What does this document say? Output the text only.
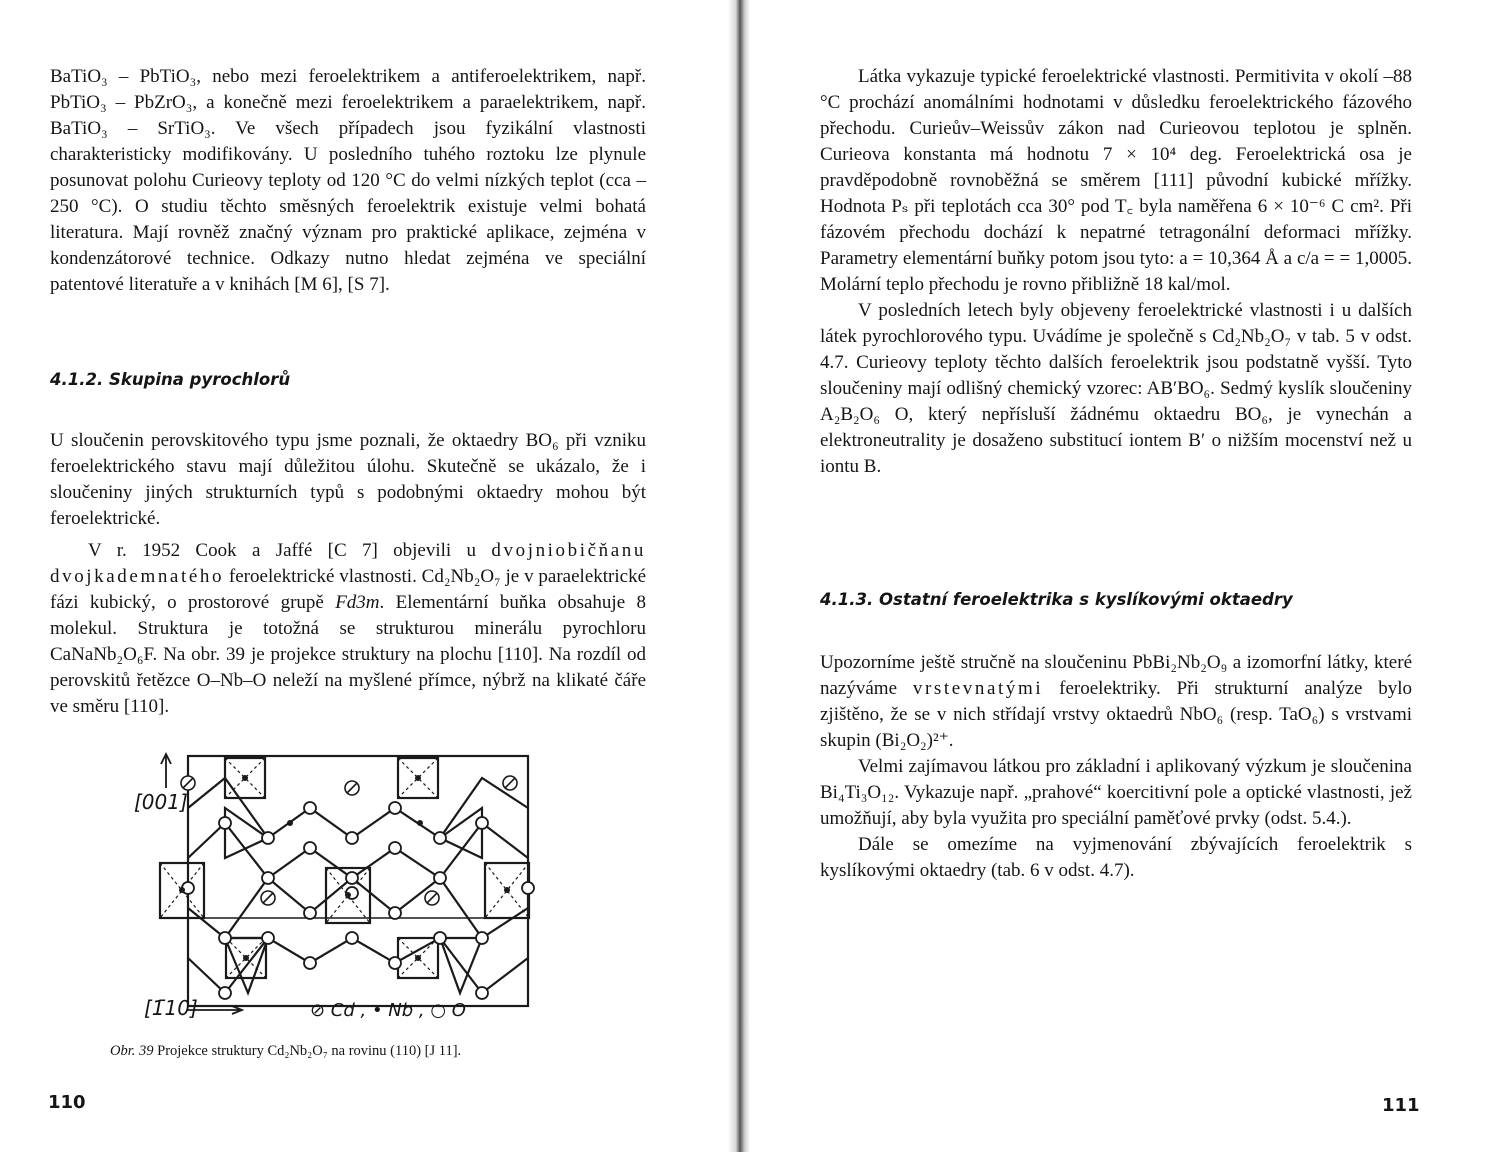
BaTiO₃ – PbTiO₃, nebo mezi feroelektrikem a antiferoelektrikem, např. PbTiO₃ – PbZrO₃, a konečně mezi feroelektrikem a paraelektrikem, např. BaTiO₃ – SrTiO₃. Ve všech případech jsou fyzikální vlastnosti charakteristicky modifikovány. U posledního tuhého roztoku lze plynule posunovat polohu Curieovy teploty od 120 °C do velmi nízkých teplot (cca –250 °C). O studiu těchto směsných feroelektrik existuje velmi bohatá literatura. Mají rovněž značný význam pro praktické aplikace, zejména v kondenzátorové technice. Odkazy nutno hledat zejména ve speciální patentové literatuře a v knihách [M 6], [S 7].

4.1.2. Skupina pyrochlorů

U sloučenin perovskitového typu jsme poznali, že oktaedry BO₆ při vzniku feroelektrického stavu mají důležitou úlohu. Skutečně se ukázalo, že i sloučeniny jiných strukturních typů s podobnými oktaedry mohou být feroelektrické.

V r. 1952 Cook a Jaffé [C 7] objevili u dvojniobičňanu dvojkademnatého feroelektrické vlastnosti. Cd₂Nb₂O₇ je v paraelektrické fázi kubický, o prostorové grupě Fd3m. Elementární buňka obsahuje 8 molekul. Struktura je totožná se strukturou minerálu pyrochloru CaNaNb₂O₆F. Na obr. 39 je projekce struktury na plochu [110]. Na rozdíl od perovskitů řetězce O–Nb–O neleží na myšlené přímce, nýbrž na klikaté čáře ve směru [110].

[001]
[1̄10]	⊘ Cd , • Nb , ○ O
Obr. 39 Projekce struktury Cd₂Nb₂O₇ na rovinu (110) [J 11].
110

Látka vykazuje typické feroelektrické vlastnosti. Permitivita v okolí –88 °C prochází anomálními hodnotami v důsledku feroelektrického fázového přechodu. Curieův–Weissův zákon nad Curieovou teplotou je splněn. Curieova konstanta má hodnotu 7 × 10⁴ deg. Feroelektrická osa je pravděpodobně rovnoběžná se směrem [111] původní kubické mřížky. Hodnota Pₛ při teplotách cca 30° pod T꜀ byla naměřena 6 × 10⁻⁶ C cm². Při fázovém přechodu dochází k nepatrné tetragonální deformaci mřížky. Parametry elementární buňky potom jsou tyto: a = 10,364 Å a c/a = = 1,0005. Molární teplo přechodu je rovno přibližně 18 kal/mol.

V posledních letech byly objeveny feroelektrické vlastnosti i u dalších látek pyrochlorového typu. Uvádíme je společně s Cd₂Nb₂O₇ v tab. 5 v odst. 4.7. Curieovy teploty těchto dalších feroelektrik jsou podstatně vyšší. Tyto sloučeniny mají odlišný chemický vzorec: AB′BO₆. Sedmý kyslík sloučeniny A₂B₂O₆ O, který nepřísluší žádnému oktaedru BO₆, je vynechán a elektroneutrality je dosaženo substitucí iontem B′ o nižším mocenství než u iontu B.

4.1.3. Ostatní feroelektrika s kyslíkovými oktaedry

Upozorníme ještě stručně na sloučeninu PbBi₂Nb₂O₉ a izomorfní látky, které nazýváme vrstevnatými feroelektriky. Při strukturní analýze bylo zjištěno, že se v nich střídají vrstvy oktaedrů NbO₆ (resp. TaO₆) s vrstvami skupin (Bi₂O₂)²⁺.

Velmi zajímavou látkou pro základní i aplikovaný výzkum je sloučenina Bi₄Ti₃O₁₂. Vykazuje např. „prahové“ koercitivní pole a optické vlastnosti, jež umožňují, aby byla využita pro speciální paměťové prvky (odst. 5.4.).

Dále se omezíme na vyjmenování zbývajících feroelektrik s kyslíkovými oktaedry (tab. 6 v odst. 4.7).

111
